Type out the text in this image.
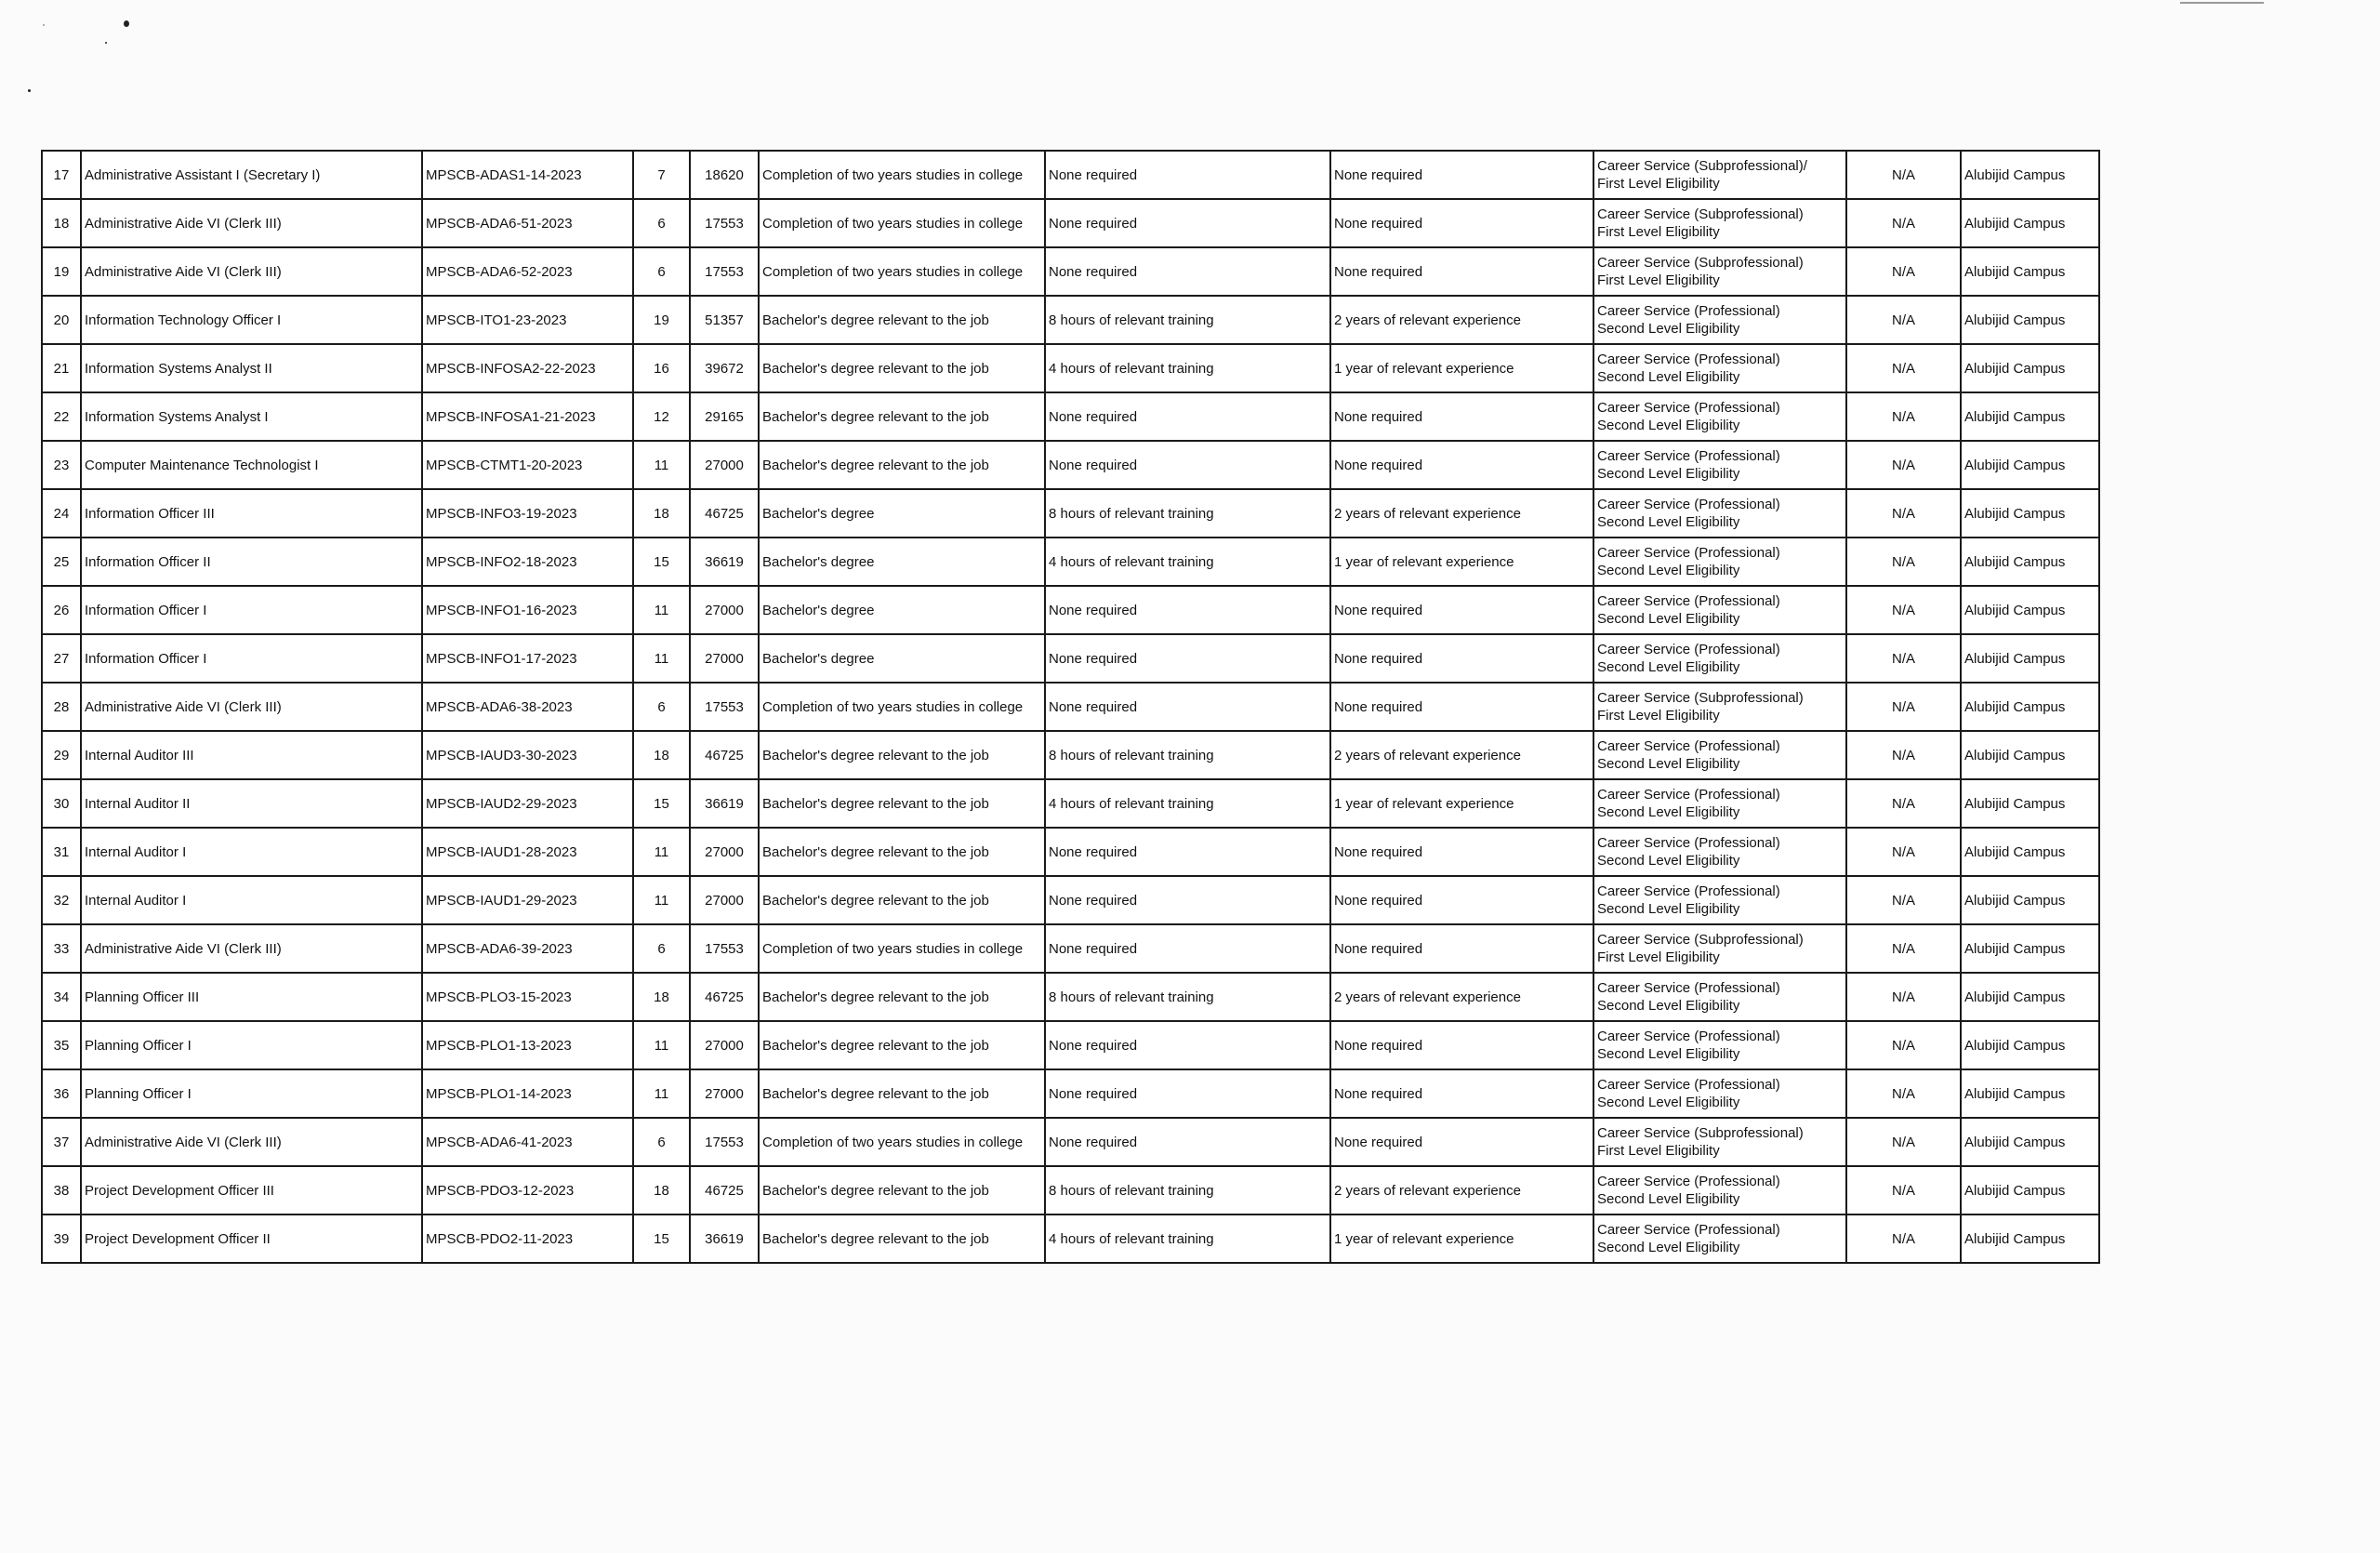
17	Administrative Assistant I (Secretary I)	MPSCB-ADAS1-14-2023	7	18620	Completion of two years studies in college	None required	None required	Career Service (Subprofessional)/
First Level Eligibility	N/A	Alubijid Campus
18	Administrative Aide VI (Clerk III)	MPSCB-ADA6-51-2023	6	17553	Completion of two years studies in college	None required	None required	Career Service (Subprofessional)
First Level Eligibility	N/A	Alubijid Campus
19	Administrative Aide VI (Clerk III)	MPSCB-ADA6-52-2023	6	17553	Completion of two years studies in college	None required	None required	Career Service (Subprofessional)
First Level Eligibility	N/A	Alubijid Campus
20	Information Technology Officer I	MPSCB-ITO1-23-2023	19	51357	Bachelor's degree relevant to the job	8 hours of relevant training	2 years of relevant experience	Career Service (Professional)
Second Level Eligibility	N/A	Alubijid Campus
21	Information Systems Analyst II	MPSCB-INFOSA2-22-2023	16	39672	Bachelor's degree relevant to the job	4 hours of relevant training	1 year of relevant experience	Career Service (Professional)
Second Level Eligibility	N/A	Alubijid Campus
22	Information Systems Analyst I	MPSCB-INFOSA1-21-2023	12	29165	Bachelor's degree relevant to the job	None required	None required	Career Service (Professional)
Second Level Eligibility	N/A	Alubijid Campus
23	Computer Maintenance Technologist I	MPSCB-CTMT1-20-2023	11	27000	Bachelor's degree relevant to the job	None required	None required	Career Service (Professional)
Second Level Eligibility	N/A	Alubijid Campus
24	Information Officer III	MPSCB-INFO3-19-2023	18	46725	Bachelor's degree	8 hours of relevant training	2 years of relevant experience	Career Service (Professional)
Second Level Eligibility	N/A	Alubijid Campus
25	Information Officer II	MPSCB-INFO2-18-2023	15	36619	Bachelor's degree	4 hours of relevant training	1 year of relevant experience	Career Service (Professional)
Second Level Eligibility	N/A	Alubijid Campus
26	Information Officer I	MPSCB-INFO1-16-2023	11	27000	Bachelor's degree	None required	None required	Career Service (Professional)
Second Level Eligibility	N/A	Alubijid Campus
27	Information Officer I	MPSCB-INFO1-17-2023	11	27000	Bachelor's degree	None required	None required	Career Service (Professional)
Second Level Eligibility	N/A	Alubijid Campus
28	Administrative Aide VI (Clerk III)	MPSCB-ADA6-38-2023	6	17553	Completion of two years studies in college	None required	None required	Career Service (Subprofessional)
First Level Eligibility	N/A	Alubijid Campus
29	Internal Auditor III	MPSCB-IAUD3-30-2023	18	46725	Bachelor's degree relevant to the job	8 hours of relevant training	2 years of relevant experience	Career Service (Professional)
Second Level Eligibility	N/A	Alubijid Campus
30	Internal Auditor II	MPSCB-IAUD2-29-2023	15	36619	Bachelor's degree relevant to the job	4 hours of relevant training	1 year of relevant experience	Career Service (Professional)
Second Level Eligibility	N/A	Alubijid Campus
31	Internal Auditor I	MPSCB-IAUD1-28-2023	11	27000	Bachelor's degree relevant to the job	None required	None required	Career Service (Professional)
Second Level Eligibility	N/A	Alubijid Campus
32	Internal Auditor I	MPSCB-IAUD1-29-2023	11	27000	Bachelor's degree relevant to the job	None required	None required	Career Service (Professional)
Second Level Eligibility	N/A	Alubijid Campus
33	Administrative Aide VI (Clerk III)	MPSCB-ADA6-39-2023	6	17553	Completion of two years studies in college	None required	None required	Career Service (Subprofessional)
First Level Eligibility	N/A	Alubijid Campus
34	Planning Officer III	MPSCB-PLO3-15-2023	18	46725	Bachelor's degree relevant to the job	8 hours of relevant training	2 years of relevant experience	Career Service (Professional)
Second Level Eligibility	N/A	Alubijid Campus
35	Planning Officer I	MPSCB-PLO1-13-2023	11	27000	Bachelor's degree relevant to the job	None required	None required	Career Service (Professional)
Second Level Eligibility	N/A	Alubijid Campus
36	Planning Officer I	MPSCB-PLO1-14-2023	11	27000	Bachelor's degree relevant to the job	None required	None required	Career Service (Professional)
Second Level Eligibility	N/A	Alubijid Campus
37	Administrative Aide VI (Clerk III)	MPSCB-ADA6-41-2023	6	17553	Completion of two years studies in college	None required	None required	Career Service (Subprofessional)
First Level Eligibility	N/A	Alubijid Campus
38	Project Development Officer III	MPSCB-PDO3-12-2023	18	46725	Bachelor's degree relevant to the job	8 hours of relevant training	2 years of relevant experience	Career Service (Professional)
Second Level Eligibility	N/A	Alubijid Campus
39	Project Development Officer II	MPSCB-PDO2-11-2023	15	36619	Bachelor's degree relevant to the job	4 hours of relevant training	1 year of relevant experience	Career Service (Professional)
Second Level Eligibility	N/A	Alubijid Campus
